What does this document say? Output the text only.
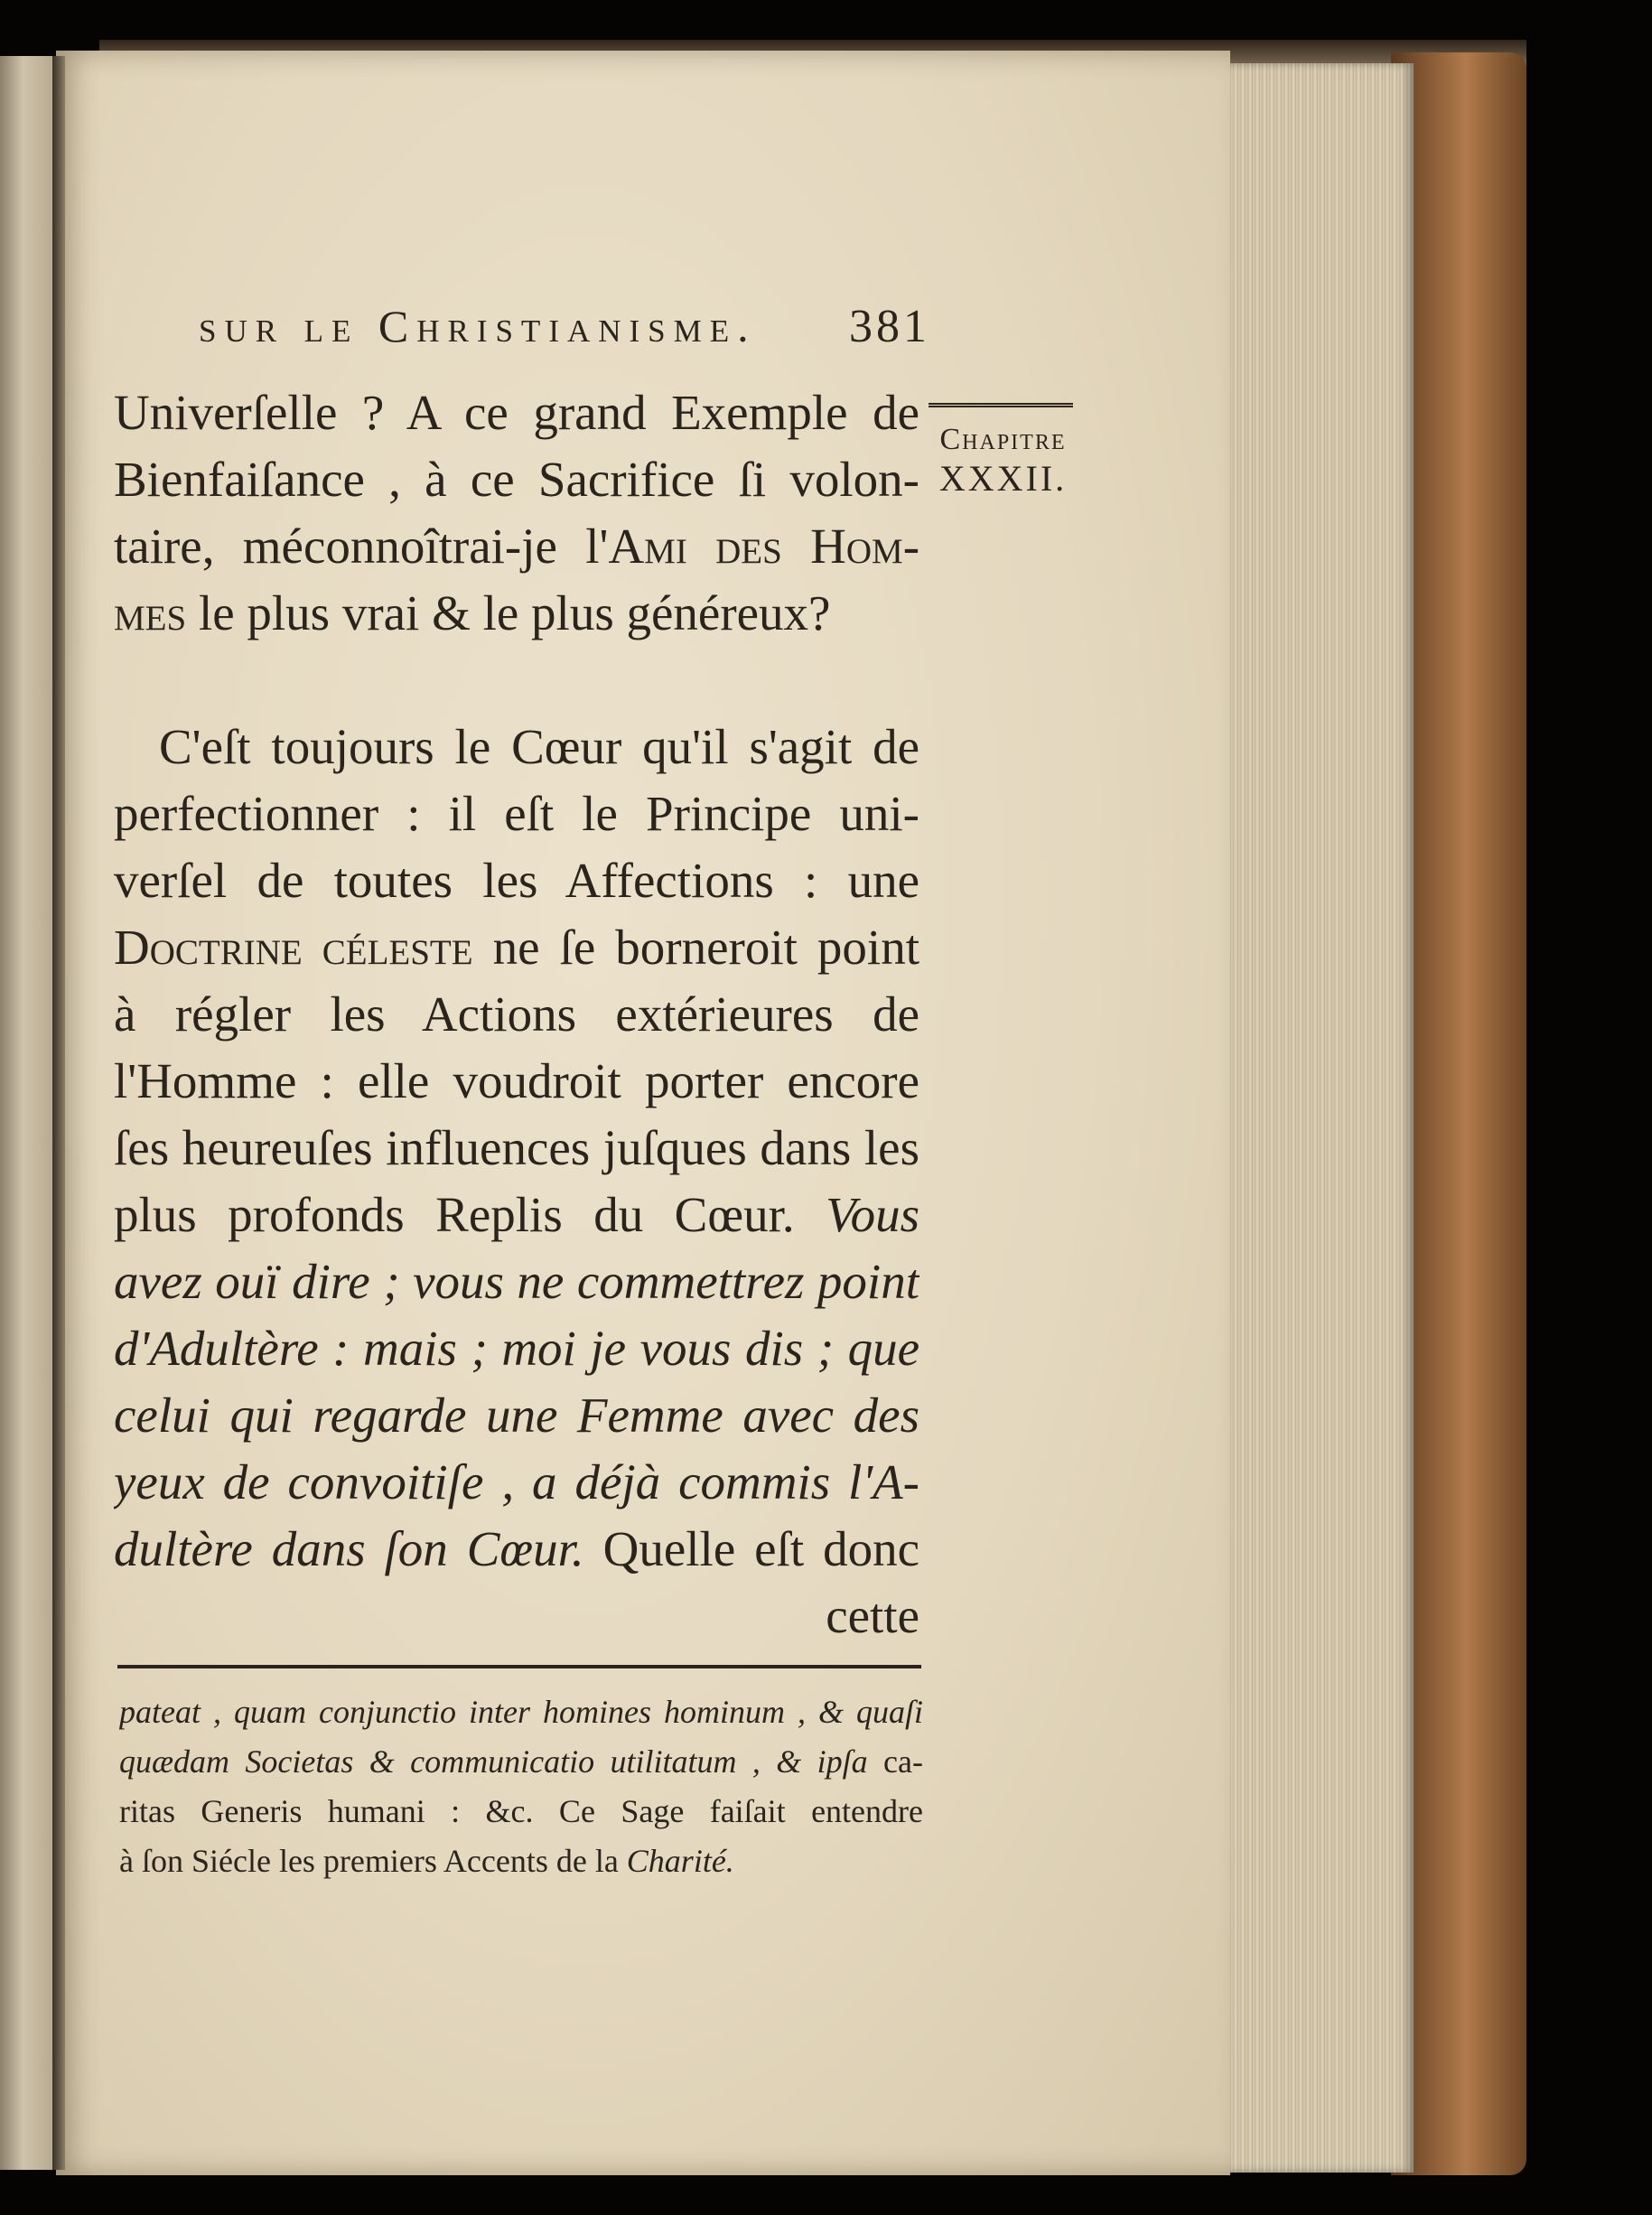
sur le Christianisme. 381
Chapitre
XXXII.
Univerſelle ? A ce grand Exemple de
Bienfaiſance , à ce Sacrifice ſi volon-
taire, méconnoîtrai-je l'Ami des Hom-
mes le plus vrai & le plus généreux?
C'eſt toujours le Cœur qu'il s'agit de
perfectionner : il eſt le Principe uni-
verſel de toutes les Affections : une
Doctrine céleste ne ſe borneroit point
à régler les Actions extérieures de
l'Homme : elle voudroit porter encore
ſes heureuſes influences juſques dans les
plus profonds Replis du Cœur. Vous
avez ouï dire ; vous ne commettrez point
d'Adultère : mais ; moi je vous dis ; que
celui qui regarde une Femme avec des
yeux de convoitiſe , a déjà commis l'A-
dultère dans ſon Cœur. Quelle eſt donc
cette
pateat , quam conjunctio inter homines hominum , & quaſi
quædam Societas & communicatio utilitatum , & ipſa ca-
ritas Generis humani : &c. Ce Sage faiſait entendre
à ſon Siécle les premiers Accents de la Charité.
